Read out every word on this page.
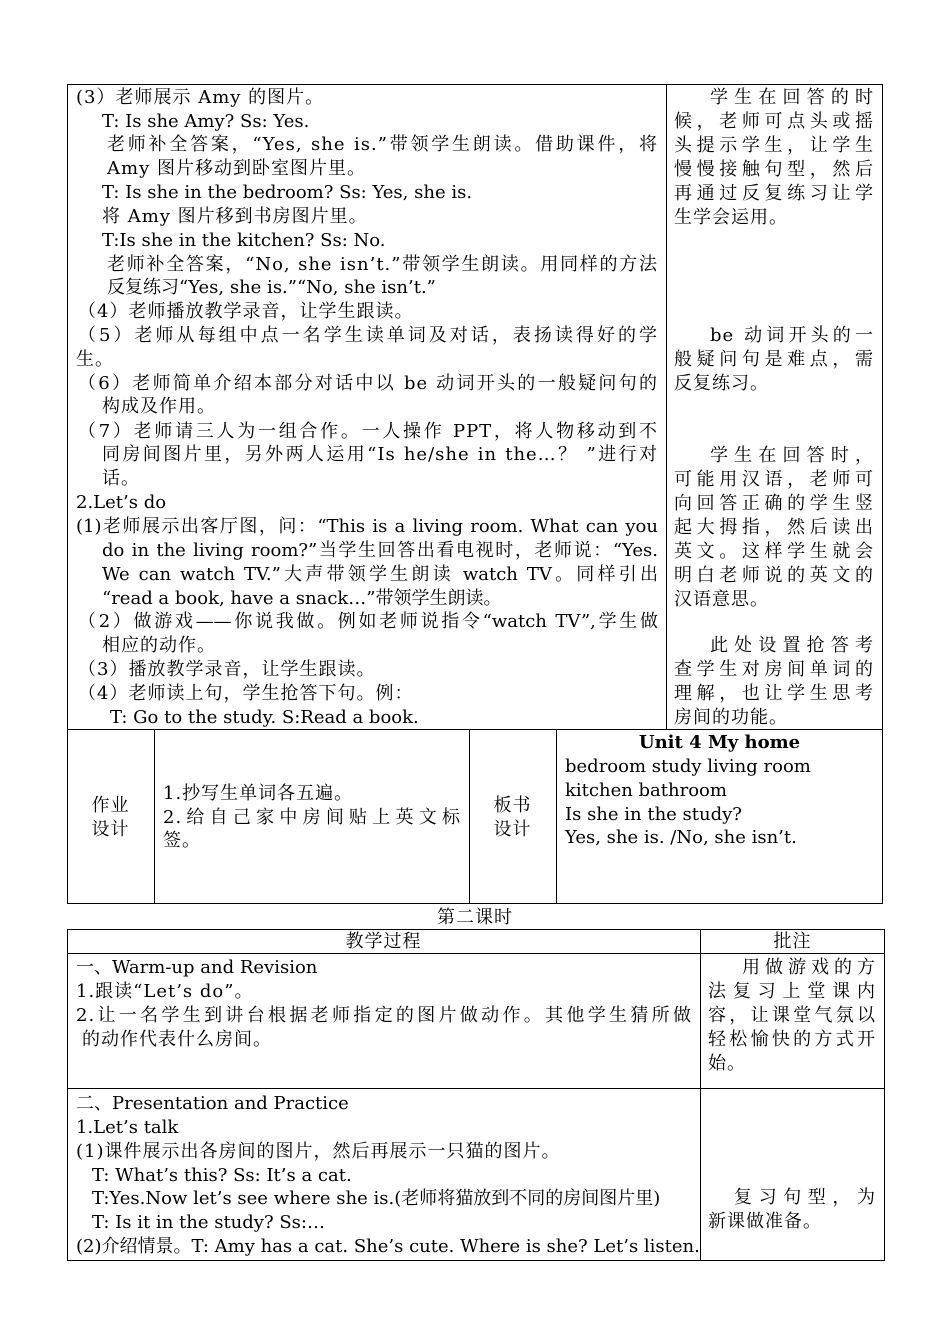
(3）老师展示 Amy 的图片。
T: Is she Amy? Ss: Yes.
老师补全答案，“Yes, she is.”带领学生朗读。借助课件，将
Amy 图片移动到卧室图片里。
T: Is she in the bedroom? Ss: Yes, she is.
将 Amy 图片移到书房图片里。
T:Is she in the kitchen? Ss: No.
老师补全答案，“No, she isn’t.”带领学生朗读。用同样的方法
反复练习“Yes, she is.”“No, she isn’t.”
（4）老师播放教学录音，让学生跟读。
（5）老师从每组中点一名学生读单词及对话，表扬读得好的学
生。
（6）老师简单介绍本部分对话中以 be 动词开头的一般疑问句的
构成及作用。
（7）老师请三人为一组合作。一人操作 PPT，将人物移动到不
同房间图片里，另外两人运用“Is he/she in the…？ ”进行对
话。
2.Let’s do
(1)老师展示出客厅图，问：“This is a living room. What can you
do in the living room?”当学生回答出看电视时，老师说：“Yes.
We can watch TV.”大声带领学生朗读 watch TV。同样引出
“read a book, have a snack…”带领学生朗读。
（2）做游戏——你说我做。例如老师说指令“watch TV”,学生做
相应的动作。
（3）播放教学录音，让学生跟读。
（4）老师读上句，学生抢答下句。例：
T: Go to the study. S:Read a book.
学生在回答的时
候，老师可点头或摇
头提示学生，让学生
慢慢接触句型，然后
再通过反复练习让学
生学会运用。
be 动词开头的一
般疑问句是难点，需
反复练习。
学生在回答时，
可能用汉语，老师可
向回答正确的学生竖
起大拇指，然后读出
英文。这样学生就会
明白老师说的英文的
汉语意思。
此处设置抢答考
查学生对房间单词的
理解，也让学生思考
房间的功能。
作业
设计
1.抄写生单词各五遍。
2.给自己家中房间贴上英文标
签。
板书
设计
Unit 4 My home
bedroom study living room
kitchen bathroom
Is she in the study?
Yes, she is. /No, she isn’t.
第二课时
教学过程	批注
一、Warm-up and Revision
1.跟读“Let’s do”。
2.让一名学生到讲台根据老师指定的图片做动作。其他学生猜所做
的动作代表什么房间。
用做游戏的方
法复习上堂课内
容，让课堂气氛以
轻松愉快的方式开
始。
二、Presentation and Practice
1.Let’s talk
(1)课件展示出各房间的图片，然后再展示一只猫的图片。
T: What’s this? Ss: It’s a cat.
T:Yes.Now let’s see where she is.(老师将猫放到不同的房间图片里)
T: Is it in the study? Ss:…
(2)介绍情景。T: Amy has a cat. She’s cute. Where is she? Let’s listen.
复习句型，为
新课做准备。
